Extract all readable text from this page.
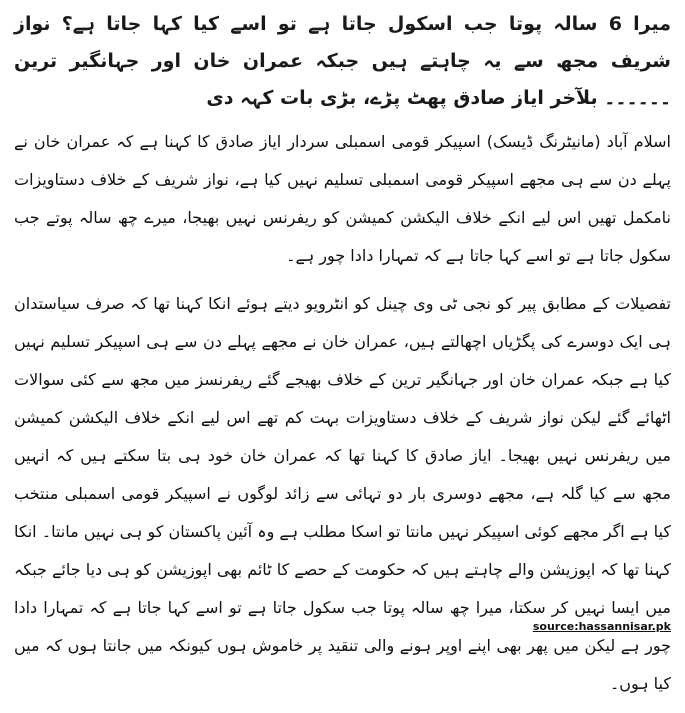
میرا 6 سالہ پوتا جب اسکول جاتا ہے تو اسے کیا کہا جاتا ہے؟ نواز شریف مجھ سے یہ چاہتے ہیں جبکہ عمران خان اور جہانگیر ترین ۔۔۔۔۔۔ بلآخر ایاز صادق پھٹ پڑے، بڑی بات کہہ دی

اسلام آباد (مانیٹرنگ ڈیسک) اسپیکر قومی اسمبلی سردار ایاز صادق کا کہنا ہے کہ عمران خان نے پہلے دن سے ہی مجھے اسپیکر قومی اسمبلی تسلیم نہیں کیا ہے، نواز شریف کے خلاف دستاویزات نامکمل تھیں اس لیے انکے خلاف الیکشن کمیشن کو ریفرنس نہیں بھیجا، میرے چھ سالہ پوتے جب سکول جاتا ہے تو اسے کہا جاتا ہے کہ تمہارا دادا چور ہے۔

تفصیلات کے مطابق پیر کو نجی ٹی وی چینل کو انٹرویو دیتے ہوئے انکا کہنا تھا کہ صرف سیاستدان ہی ایک دوسرے کی پگڑیاں اچھالتے ہیں، عمران خان نے مجھے پہلے دن سے ہی اسپیکر تسلیم نہیں کیا ہے جبکہ عمران خان اور جہانگیر ترین کے خلاف بھیجے گئے ریفرنسز میں مجھ سے کئی سوالات اٹھائے گئے لیکن نواز شریف کے خلاف دستاویزات بہت کم تھے اس لیے انکے خلاف الیکشن کمیشن میں ریفرنس نہیں بھیجا۔ ایاز صادق کا کہنا تھا کہ عمران خان خود ہی بتا سکتے ہیں کہ انہیں مجھ سے کیا گلہ ہے، مجھے دوسری بار دو تہائی سے زائد لوگوں نے اسپیکر قومی اسمبلی منتخب کیا ہے اگر مجھے کوئی اسپیکر نہیں مانتا تو اسکا مطلب ہے وہ آئین پاکستان کو ہی نہیں مانتا۔ انکا کہنا تھا کہ اپوزیشن والے چاہتے ہیں کہ حکومت کے حصے کا ٹائم بھی اپوزیشن کو ہی دیا جائے جبکہ میں ایسا نہیں کر سکتا، میرا چھ سالہ پوتا جب سکول جاتا ہے تو اسے کہا جاتا ہے کہ تمہارا دادا چور ہے لیکن میں پھر بھی اپنے اوپر ہونے والی تنقید پر خاموش ہوں کیونکہ میں جانتا ہوں کہ میں کیا ہوں۔

source:hassannisar.pk
